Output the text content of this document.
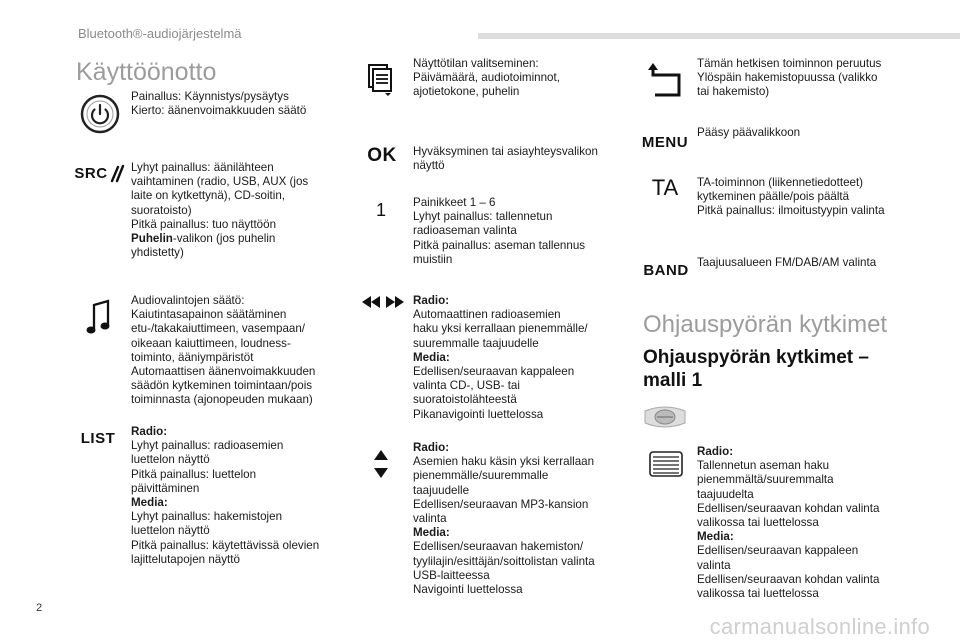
Bluetooth®-audiojärjestelmä
Käyttöönotto
Painallus: Käynnistys/pysäytys
Kierto: äänenvoimakkuuden säätö
SRC Lyhyt painallus: äänilähteen
vaihtaminen (radio, USB, AUX (jos
laite on kytkettynä), CD-soitin,
suoratoisto)
Pitkä painallus: tuo näyttöön
Puhelin-valikon (jos puhelin
yhdistetty)
Audiovalintojen säätö:
Kaiutintasapainon säätäminen
etu-/takakaiuttimeen, vasempaan/
oikeaan kaiuttimeen, loudness-
toiminto, ääniympäristöt
Automaattisen äänenvoimakkuuden
säädön kytkeminen toimintaan/pois
toiminnasta (ajonopeuden mukaan)
LIST Radio:
Lyhyt painallus: radioasemien
luettelon näyttö
Pitkä painallus: luettelon
päivittäminen
Media:
Lyhyt painallus: hakemistojen
luettelon näyttö
Pitkä painallus: käytettävissä olevien
lajittelutapojen näyttö
Näyttötilan valitseminen:
Päivämäärä, audiotoiminnot,
ajotietokone, puhelin
OK Hyväksyminen tai asiayhteysvalikon
näyttö
1 Painikkeet 1 – 6
Lyhyt painallus: tallennetun
radioaseman valinta
Pitkä painallus: aseman tallennus
muistiin
Radio:
Automaattinen radioasemien
haku yksi kerrallaan pienemmälle/
suuremmalle taajuudelle
Media:
Edellisen/seuraavan kappaleen
valinta CD-, USB- tai
suoratoistolähteestä
Pikanavigointi luettelossa
Radio:
Asemien haku käsin yksi kerrallaan
pienemmälle/suuremmalle
taajuudelle
Edellisen/seuraavan MP3-kansion
valinta
Media:
Edellisen/seuraavan hakemiston/
tyylilajin/esittäjän/soittolistan valinta
USB-laitteessa
Navigointi luettelossa
Tämän hetkisen toiminnon peruutus
Ylöspäin hakemistopuussa (valikko
tai hakemisto)
MENU
Pääsy päävalikkoon
TA TA-toiminnon (liikennetiedotteet)
kytkeminen päälle/pois päältä
Pitkä painallus: ilmoitustyypin valinta
BAND Taajuusalueen FM/DAB/AM valinta
Ohjauspyörän kytkimet
Ohjauspyörän kytkimet –
malli 1
Radio:
Tallennetun aseman haku
pienemmältä/suuremmalta
taajuudelta
Edellisen/seuraavan kohdan valinta
valikossa tai luettelossa
Media:
Edellisen/seuraavan kappaleen
valinta
Edellisen/seuraavan kohdan valinta
valikossa tai luettelossa
2
carmanualsonline.info
